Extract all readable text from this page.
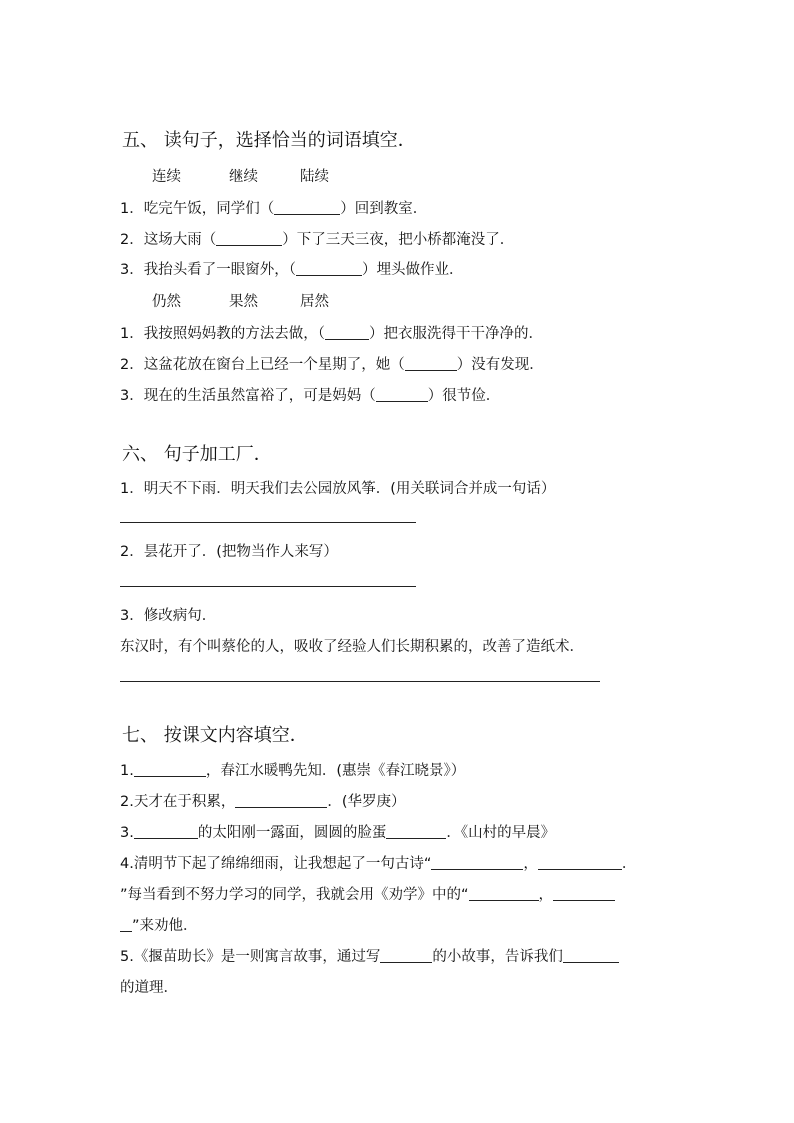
五、 读句子，选择恰当的词语填空．
连续	继续	陆续
1．吃完午饭，同学们（	）回到教室．
2．这场大雨（	）下了三天三夜，把小桥都淹没了．
3．我抬头看了一眼窗外，（	）埋头做作业．
仍然	果然	居然
1．我按照妈妈教的方法去做，（	）把衣服洗得干干净净的．
2．这盆花放在窗台上已经一个星期了，她（	）没有发现．
3．现在的生活虽然富裕了，可是妈妈（	）很节俭．
六、 句子加工厂．
1．明天不下雨．明天我们去公园放风筝．(用关联词合并成一句话）
2．昙花开了．(把物当作人来写）
3．修改病句．
东汉时，有个叫蔡伦的人，吸收了经验人们长期积累的，改善了造纸术．
七、 按课文内容填空．
1.	，春江水暖鸭先知．(惠崇《春江晓景》）
2.天才在于积累，	．(华罗庚）
3.	的太阳刚一露面，圆圆的脸蛋	．《山村的早晨》
4.清明节下起了绵绵细雨，让我想起了一句古诗“	，	．
”每当看到不努力学习的同学，我就会用《劝学》中的“	，
”来劝他．
5.《揠苗助长》是一则寓言故事，通过写	的小故事，告诉我们
的道理．
